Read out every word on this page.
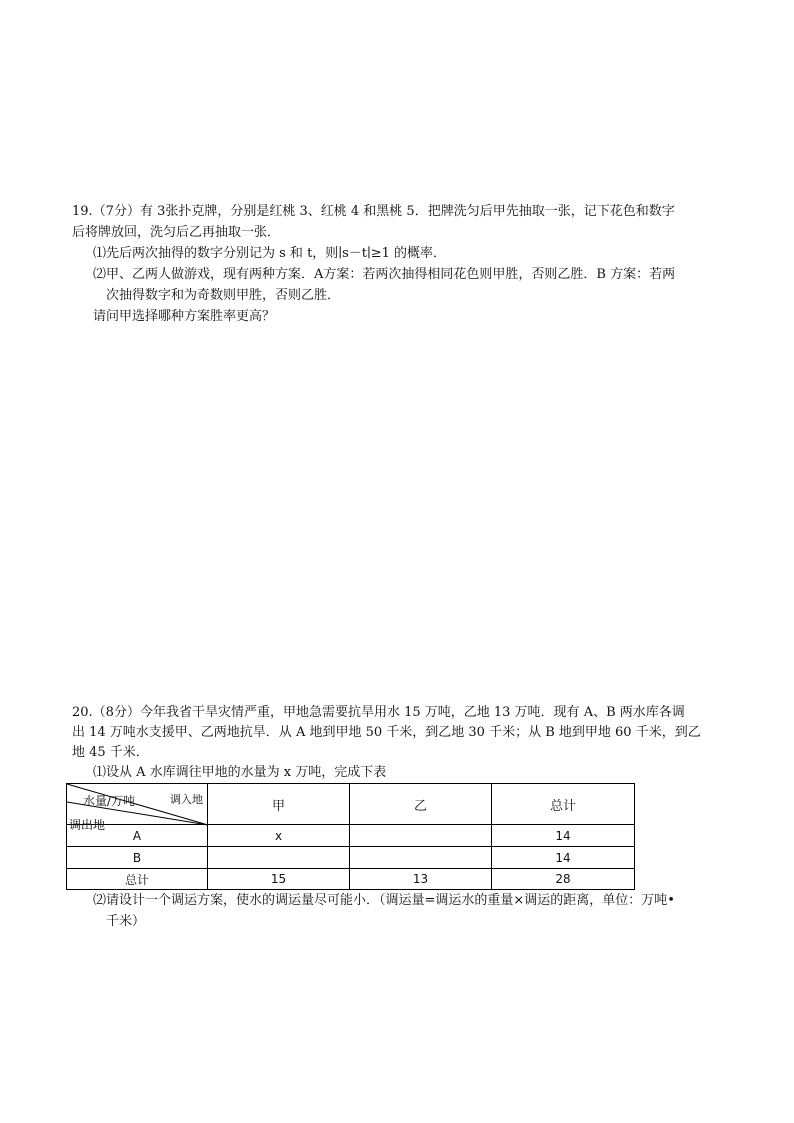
19.（7分）有 3张扑克牌，分别是红桃 3、红桃 4 和黑桃 5．把牌洗匀后甲先抽取一张，记下花色和数字
后将牌放回，洗匀后乙再抽取一张．
⑴先后两次抽得的数字分别记为 s 和 t，则∣s－t∣≥1 的概率．
⑵甲、乙两人做游戏，现有两种方案．A方案：若两次抽得相同花色则甲胜，否则乙胜．B 方案：若两
次抽得数字和为奇数则甲胜，否则乙胜．
请问甲选择哪种方案胜率更高？
20.（8分）今年我省干旱灾情严重，甲地急需要抗旱用水 15 万吨，乙地 13 万吨．现有 A、B 两水库各调
出 14 万吨水支援甲、乙两地抗旱．从 A 地到甲地 50 千米，到乙地 30 千米；从 B 地到甲地 60 千米，到乙
地 45 千米．
⑴设从 A 水库调往甲地的水量为 x 万吨，完成下表
水量/万吨 调入地
调出地	甲	乙	总计
A	x		14
B			14
总计	15	13	28
⑵请设计一个调运方案，使水的调运量尽可能小．（调运量=调运水的重量×调运的距离，单位：万吨•
千米）
